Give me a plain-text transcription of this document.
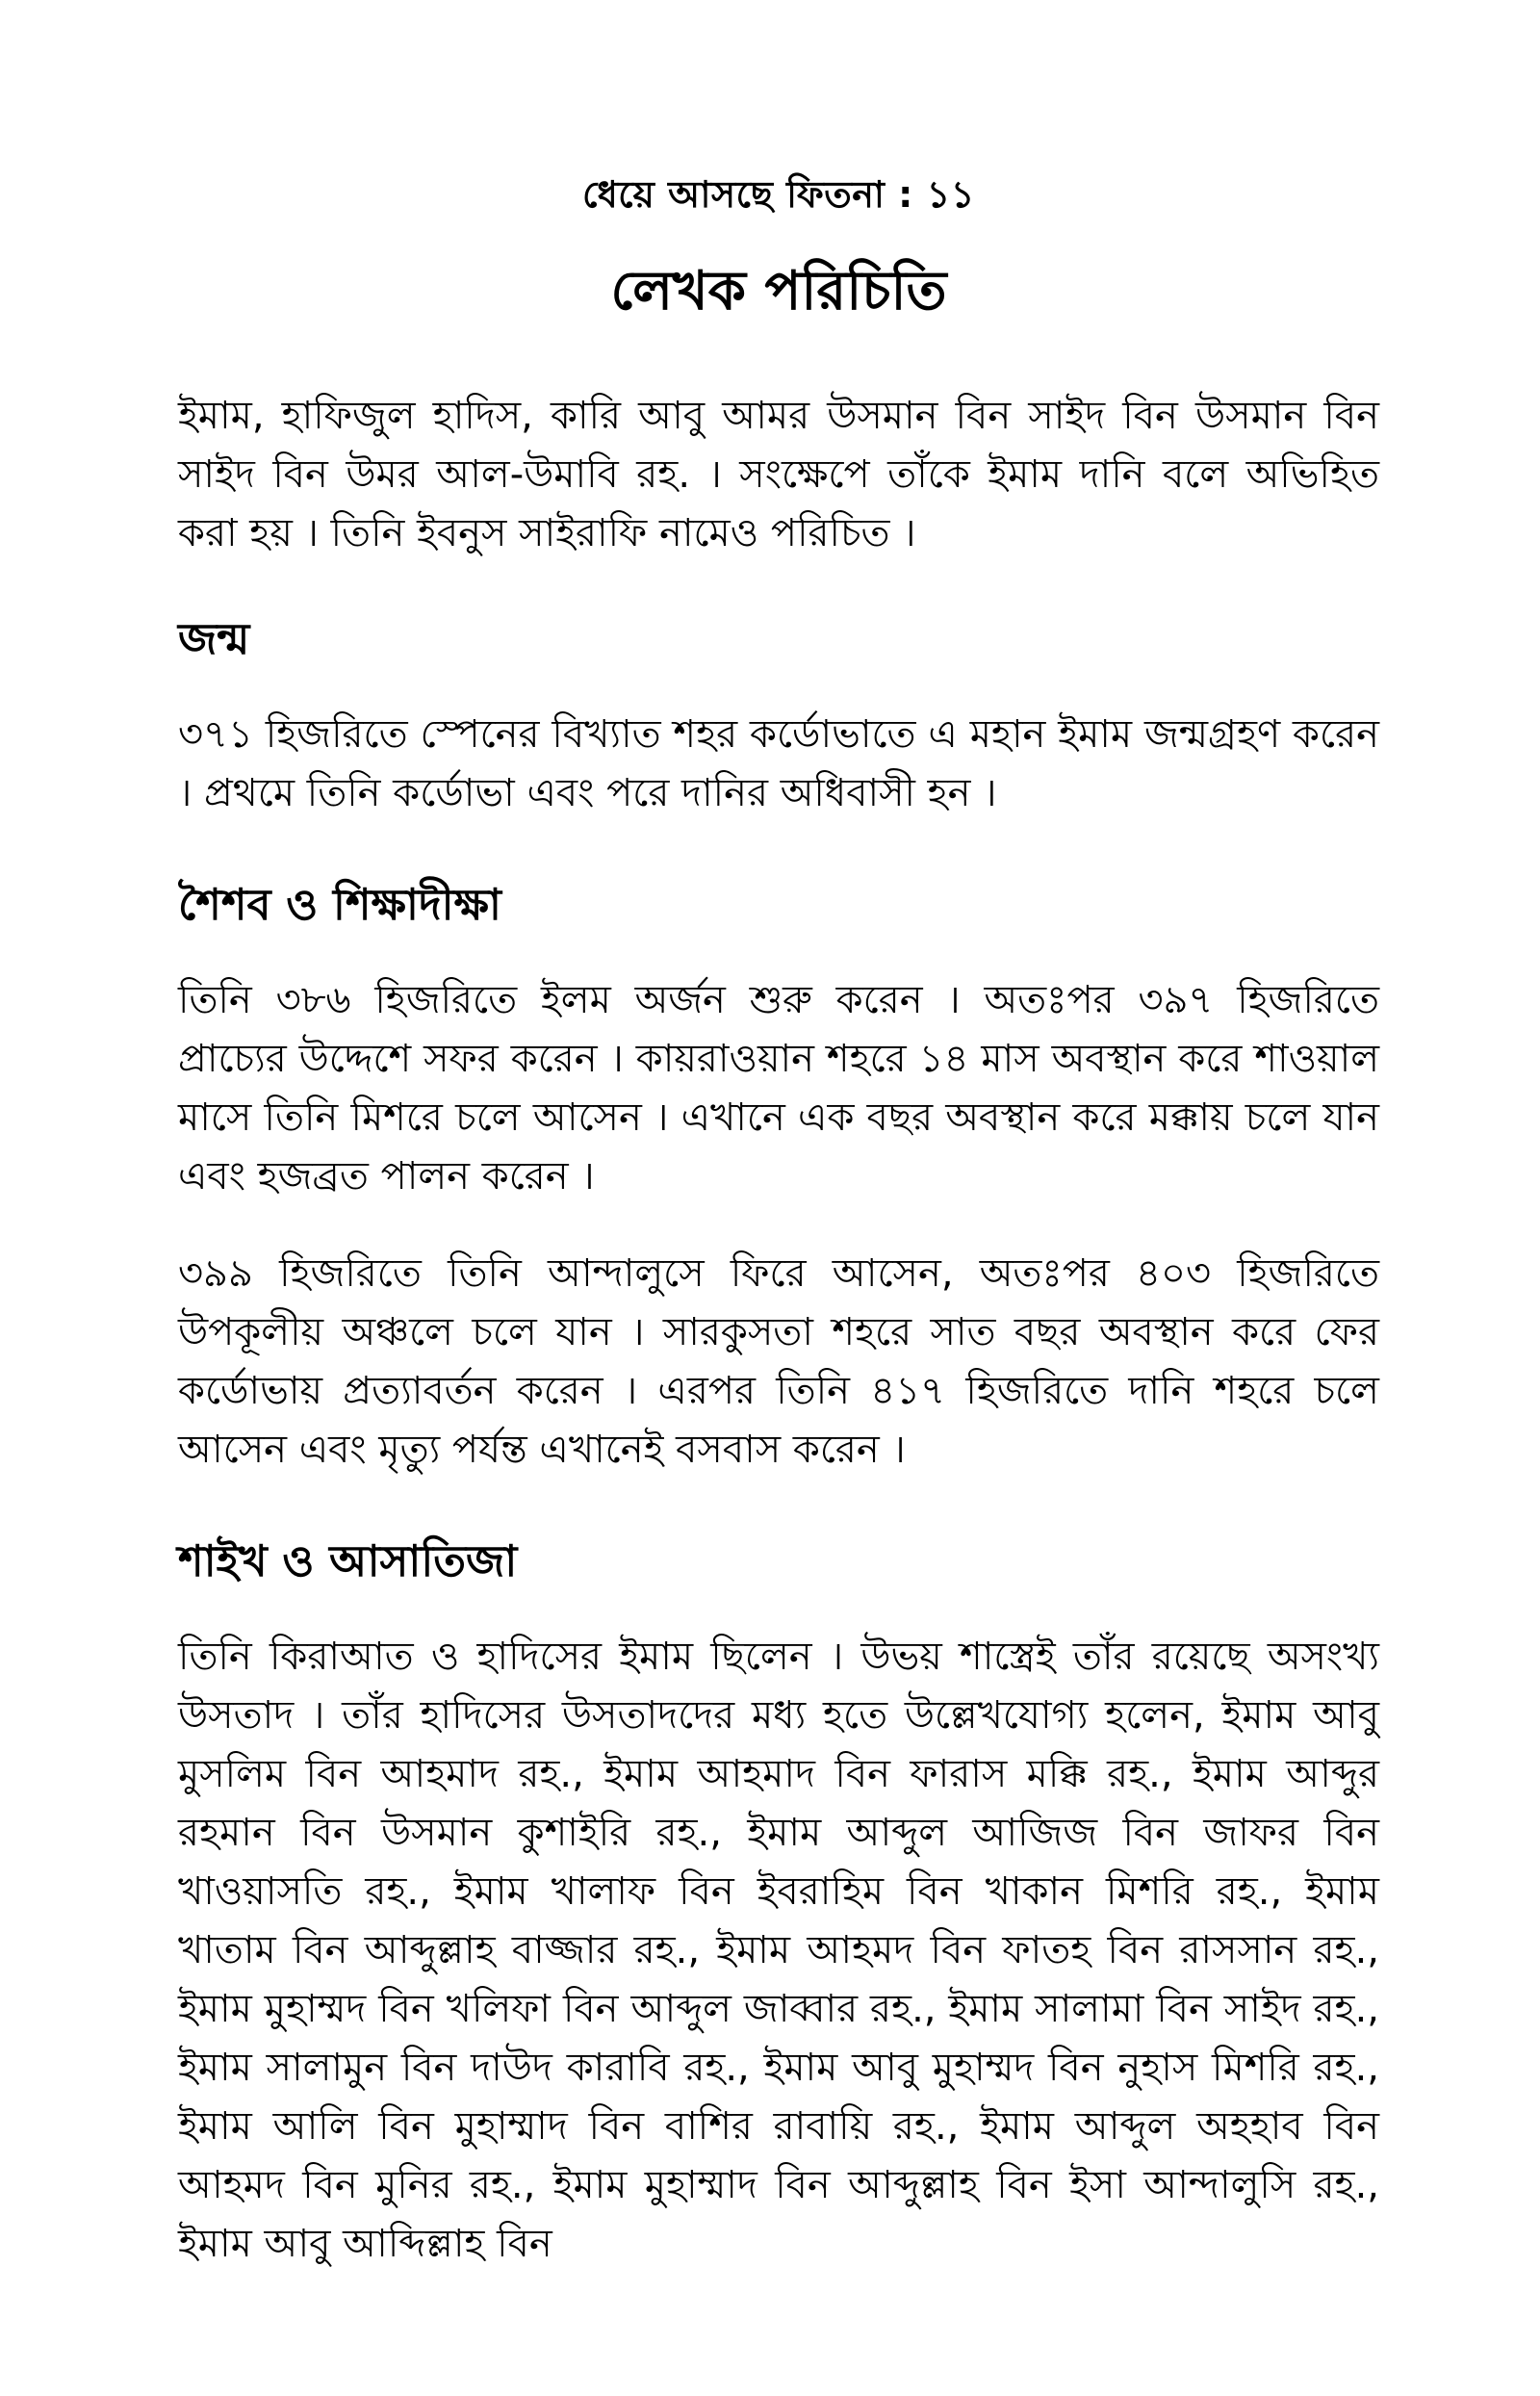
ধেয়ে আসছে ফিতনা : ১১
লেখক পরিচিতি

ইমাম, হাফিজুল হাদিস, কারি আবু আমর উসমান বিন সাইদ বিন উসমান বিন সাইদ বিন উমর আল-উমাবি রহ. । সংক্ষেপে তাঁকে ইমাম দানি বলে অভিহিত করা হয় । তিনি ইবনুস সাইরাফি নামেও পরিচিত ।

জন্ম

৩৭১ হিজরিতে স্পেনের বিখ্যাত শহর কর্ডোভাতে এ মহান ইমাম জন্মগ্রহণ করেন । প্রথমে তিনি কর্ডোভা এবং পরে দানির অধিবাসী হন ।

শৈশব ও শিক্ষাদীক্ষা

তিনি ৩৮৬ হিজরিতে ইলম অর্জন শুরু করেন । অতঃপর ৩৯৭ হিজরিতে প্রাচ্যের উদ্দেশে সফর করেন । কায়রাওয়ান শহরে ১৪ মাস অবস্থান করে শাওয়াল মাসে তিনি মিশরে চলে আসেন । এখানে এক বছর অবস্থান করে মক্কায় চলে যান এবং হজব্রত পালন করেন ।

৩৯৯ হিজরিতে তিনি আন্দালুসে ফিরে আসেন, অতঃপর ৪০৩ হিজরিতে উপকূলীয় অঞ্চলে চলে যান । সারকুসতা শহরে সাত বছর অবস্থান করে ফের কর্ডোভায় প্রত্যাবর্তন করেন । এরপর তিনি ৪১৭ হিজরিতে দানি শহরে চলে আসেন এবং মৃত্যু পর্যন্ত এখানেই বসবাস করেন ।

শাইখ ও আসাতিজা

তিনি কিরাআত ও হাদিসের ইমাম ছিলেন । উভয় শাস্ত্রেই তাঁর রয়েছে অসংখ্য উসতাদ । তাঁর হাদিসের উসতাদদের মধ্য হতে উল্লেখযোগ্য হলেন, ইমাম আবু মুসলিম বিন আহমাদ রহ., ইমাম আহমাদ বিন ফারাস মক্কি রহ., ইমাম আব্দুর রহমান বিন উসমান কুশাইরি রহ., ইমাম আব্দুল আজিজ বিন জাফর বিন খাওয়াসতি রহ., ইমাম খালাফ বিন ইবরাহিম বিন খাকান মিশরি রহ., ইমাম খাতাম বিন আব্দুল্লাহ বাজ্জার রহ., ইমাম আহমদ বিন ফাতহ বিন রাসসান রহ., ইমাম মুহাম্মদ বিন খলিফা বিন আব্দুল জাব্বার রহ., ইমাম সালামা বিন সাইদ রহ., ইমাম সালামুন বিন দাউদ কারাবি রহ., ইমাম আবু মুহাম্মদ বিন নুহাস মিশরি রহ., ইমাম আলি বিন মুহাম্মাদ বিন বাশির রাবায়ি রহ., ইমাম আব্দুল অহহাব বিন আহমদ বিন মুনির রহ., ইমাম মুহাম্মাদ বিন আব্দুল্লাহ বিন ইসা আন্দালুসি রহ., ইমাম আবু আব্দিল্লাহ বিন
